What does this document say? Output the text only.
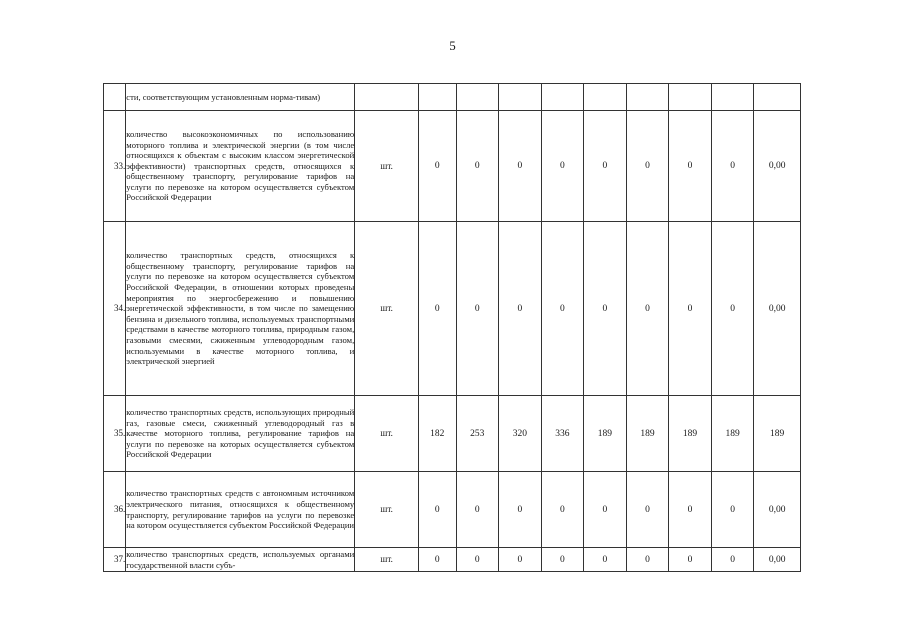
5
	сти, соответствующим установленным норма-тивам)										
33.	количество высокоэкономичных по использованию моторного топлива и электрической энергии (в том числе относящихся к объектам с высоким классом энергетической эффективности) транспортных средств, относящихся к общественному транспорту, регулирование тарифов на услуги по перевозке на котором осуществляется субъектом Российской Федерации	шт.	0	0	0	0	0	0	0	0	0,00
34.	количество транспортных средств, относящихся к общественному транспорту, регулирование тарифов на услуги по перевозке на котором осуществляется субъектом Российской Федерации, в отношении которых проведены мероприятия по энергосбережению и повышению энергетической эффективности, в том числе по замещению бензина и дизельного топлива, используемых транспортными средствами в качестве моторного топлива, природным газом, газовыми смесями, сжиженным углеводородным газом, используемыми в качестве моторного топлива, и электрической энергией	шт.	0	0	0	0	0	0	0	0	0,00
35.	количество транспортных средств, использующих природный газ, газовые смеси, сжиженный углеводородный газ в качестве моторного топлива, регулирование тарифов на услуги по перевозке на которых осуществляется субъектом Российской Федерации	шт.	182	253	320	336	189	189	189	189	189
36.	количество транспортных средств с автономным источником электрического питания, относящихся к общественному транспорту, регулирование тарифов на услуги по перевозке на котором осуществляется субъектом Российской Федерации	шт.	0	0	0	0	0	0	0	0	0,00
37.	количество транспортных средств, используемых органами государственной власти субъ-	шт.	0	0	0	0	0	0	0	0	0,00
